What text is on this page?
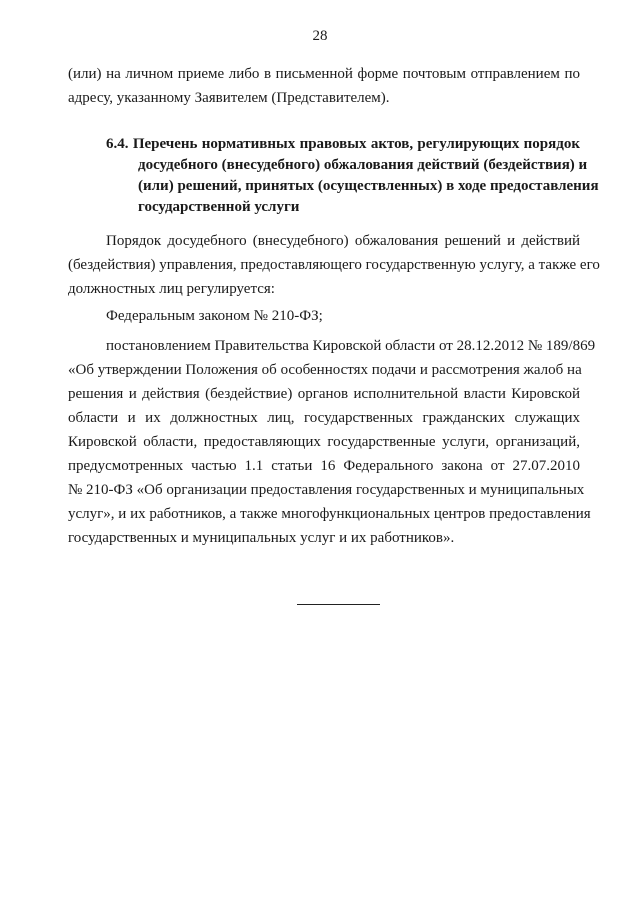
28
(или) на личном приеме либо в письменной форме почтовым отправлением по
адресу, указанному Заявителем (Представителем).
6.4. Перечень нормативных правовых актов, регулирующих порядок
досудебного (внесудебного) обжалования действий (бездействия) и
(или) решений, принятых (осуществленных) в ходе предоставления
государственной услуги
Порядок досудебного (внесудебного) обжалования решений и действий
(бездействия) управления, предоставляющего государственную услугу, а также его
должностных лиц регулируется:
Федеральным законом № 210-ФЗ;
постановлением Правительства Кировской области от 28.12.2012 № 189/869
«Об утверждении Положения об особенностях подачи и рассмотрения жалоб на
решения и действия (бездействие) органов исполнительной власти Кировской
области и их должностных лиц, государственных гражданских служащих
Кировской области, предоставляющих государственные услуги, организаций,
предусмотренных частью 1.1 статьи 16 Федерального закона от 27.07.2010
№ 210-ФЗ «Об организации предоставления государственных и муниципальных
услуг», и их работников, а также многофункциональных центров предоставления
государственных и муниципальных услуг и их работников».
